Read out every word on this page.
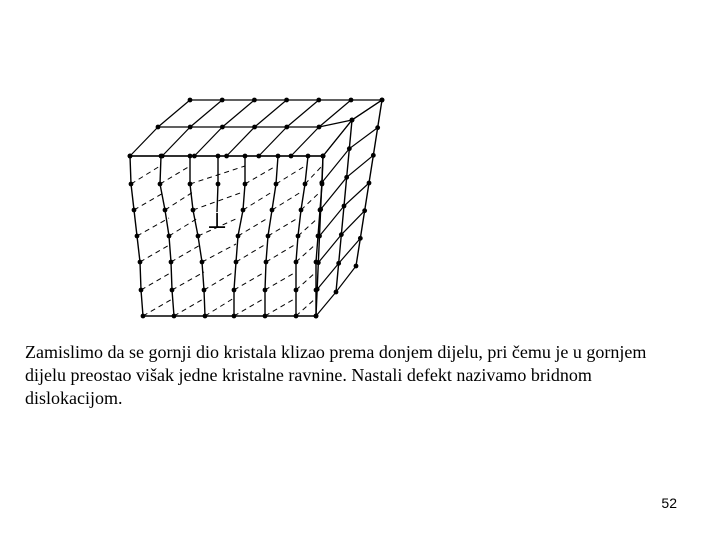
⊥
Zamislimo da se gornji dio kristala klizao prema donjem dijelu, pri čemu je u gornjem dijelu preostao višak jedne kristalne ravnine. Nastali defekt nazivamo bridnom dislokacijom.
52
